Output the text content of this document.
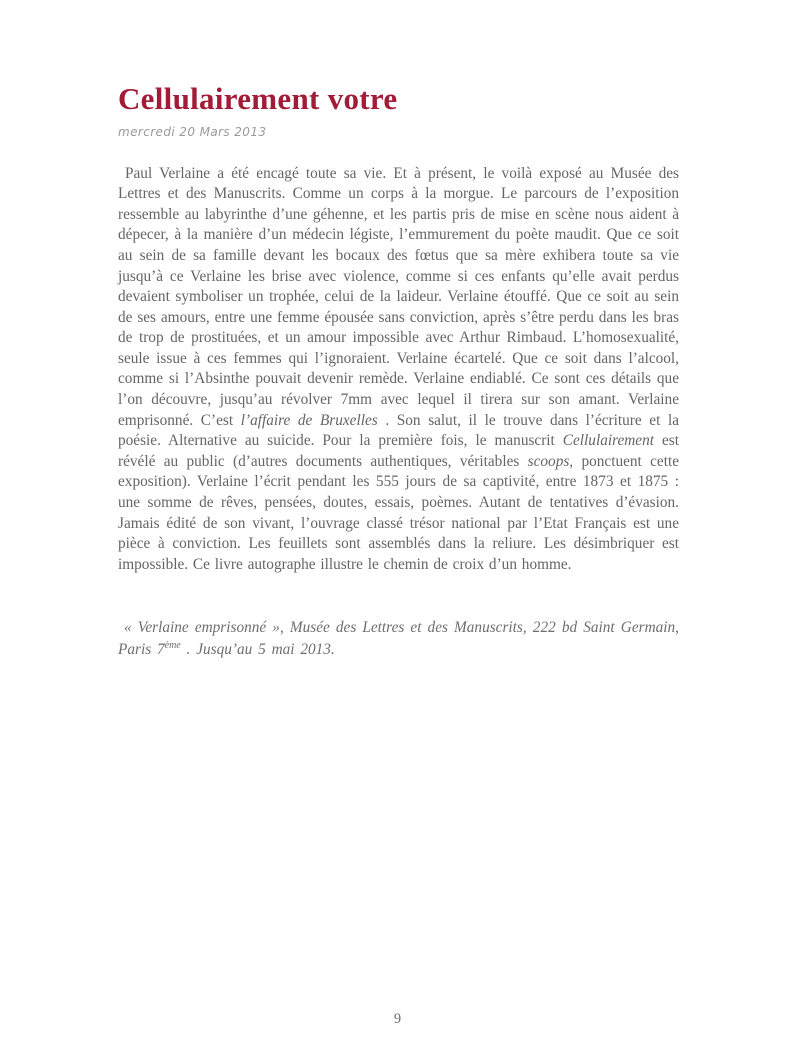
Cellulairement votre
mercredi 20 Mars 2013

Paul Verlaine a été encagé toute sa vie. Et à présent, le voilà exposé au Musée des Lettres et des Manuscrits. Comme un corps à la morgue. Le parcours de l’exposition ressemble au labyrinthe d’une géhenne, et les partis pris de mise en scène nous aident à dépecer, à la manière d’un médecin légiste, l’emmurement du poète maudit. Que ce soit au sein de sa famille devant les bocaux des fœtus que sa mère exhibera toute sa vie jusqu’à ce Verlaine les brise avec violence, comme si ces enfants qu’elle avait perdus devaient symboliser un trophée, celui de la laideur. Verlaine étouffé. Que ce soit au sein de ses amours, entre une femme épousée sans conviction, après s’être perdu dans les bras de trop de prostituées, et un amour impossible avec Arthur Rimbaud. L’homosexualité, seule issue à ces femmes qui l’ignoraient. Verlaine écartelé. Que ce soit dans l’alcool, comme si l’Absinthe pouvait devenir remède. Verlaine endiablé. Ce sont ces détails que l’on découvre, jusqu’au révolver 7mm avec lequel il tirera sur son amant. Verlaine emprisonné. C’est l’affaire de Bruxelles . Son salut, il le trouve dans l’écriture et la poésie. Alternative au suicide. Pour la première fois, le manuscrit Cellulairement est révélé au public (d’autres documents authentiques, véritables scoops, ponctuent cette exposition). Verlaine l’écrit pendant les 555 jours de sa captivité, entre 1873 et 1875 : une somme de rêves, pensées, doutes, essais, poèmes. Autant de tentatives d’évasion. Jamais édité de son vivant, l’ouvrage classé trésor national par l’Etat Français est une pièce à conviction. Les feuillets sont assemblés dans la reliure. Les désimbriquer est impossible. Ce livre autographe illustre le chemin de croix d’un homme.

« Verlaine emprisonné », Musée des Lettres et des Manuscrits, 222 bd Saint Germain, Paris 7ème . Jusqu’au 5 mai 2013.

9
